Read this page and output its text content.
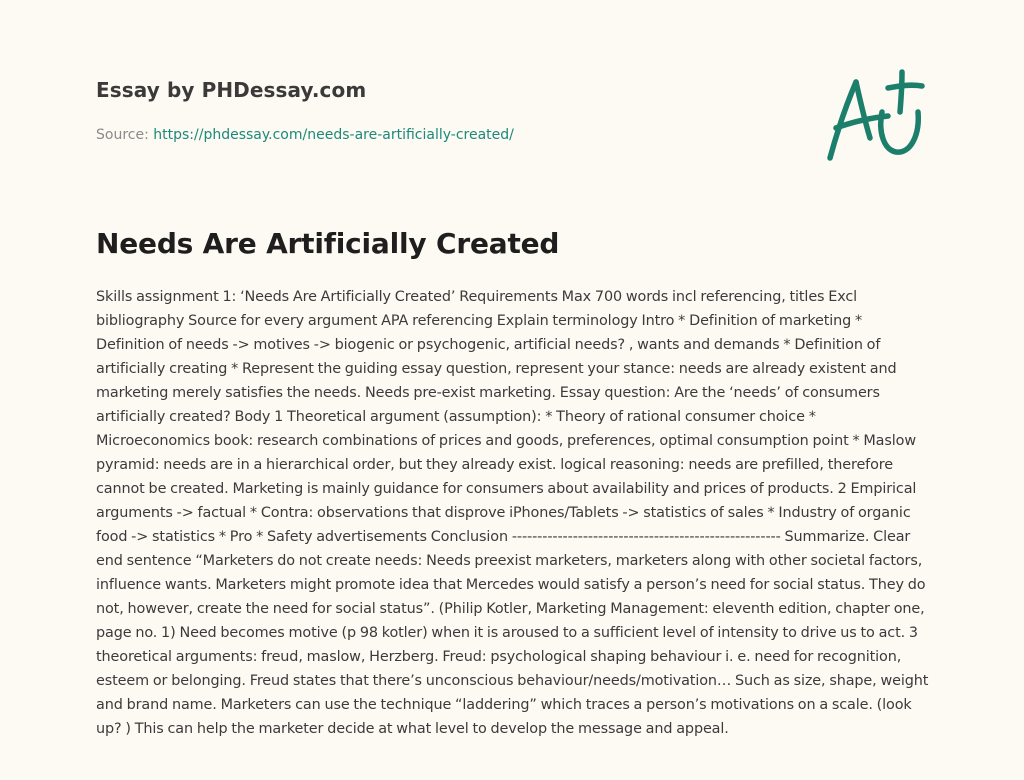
Essay by PHDessay.com
Source: https://phdessay.com/needs-are-artificially-created/
Needs Are Artificially Created

Skills assignment 1: ‘Needs Are Artificially Created’ Requirements Max 700 words incl referencing, titles Excl bibliography Source for every argument APA referencing Explain terminology Intro * Definition of marketing * Definition of needs -> motives -> biogenic or psychogenic, artificial needs? , wants and demands * Definition of artificially creating * Represent the guiding essay question, represent your stance: needs are already existent and marketing merely satisfies the needs. Needs pre-exist marketing. Essay question: Are the ‘needs’ of consumers artificially created? Body 1 Theoretical argument (assumption): * Theory of rational consumer choice * Microeconomics book: research combinations of prices and goods, preferences, optimal consumption point * Maslow pyramid: needs are in a hierarchical order, but they already exist. logical reasoning: needs are prefilled, therefore cannot be created. Marketing is mainly guidance for consumers about availability and prices of products. 2 Empirical arguments -> factual * Contra: observations that disprove iPhones/Tablets -> statistics of sales * Industry of organic food -> statistics * Pro * Safety advertisements Conclusion ----------------------------------------------------- Summarize. Clear end sentence “Marketers do not create needs: Needs preexist marketers, marketers along with other societal factors, influence wants. Marketers might promote idea that Mercedes would satisfy a person’s need for social status. They do not, however, create the need for social status”. (Philip Kotler, Marketing Management: eleventh edition, chapter one, page no. 1) Need becomes motive (p 98 kotler) when it is aroused to a sufficient level of intensity to drive us to act. 3 theoretical arguments: freud, maslow, Herzberg. Freud: psychological shaping behaviour i. e. need for recognition, esteem or belonging. Freud states that there’s unconscious behaviour/needs/motivation… Such as size, shape, weight and brand name. Marketers can use the technique “laddering” which traces a person’s motivations on a scale. (look up? ) This can help the marketer decide at what level to develop the message and appeal.
